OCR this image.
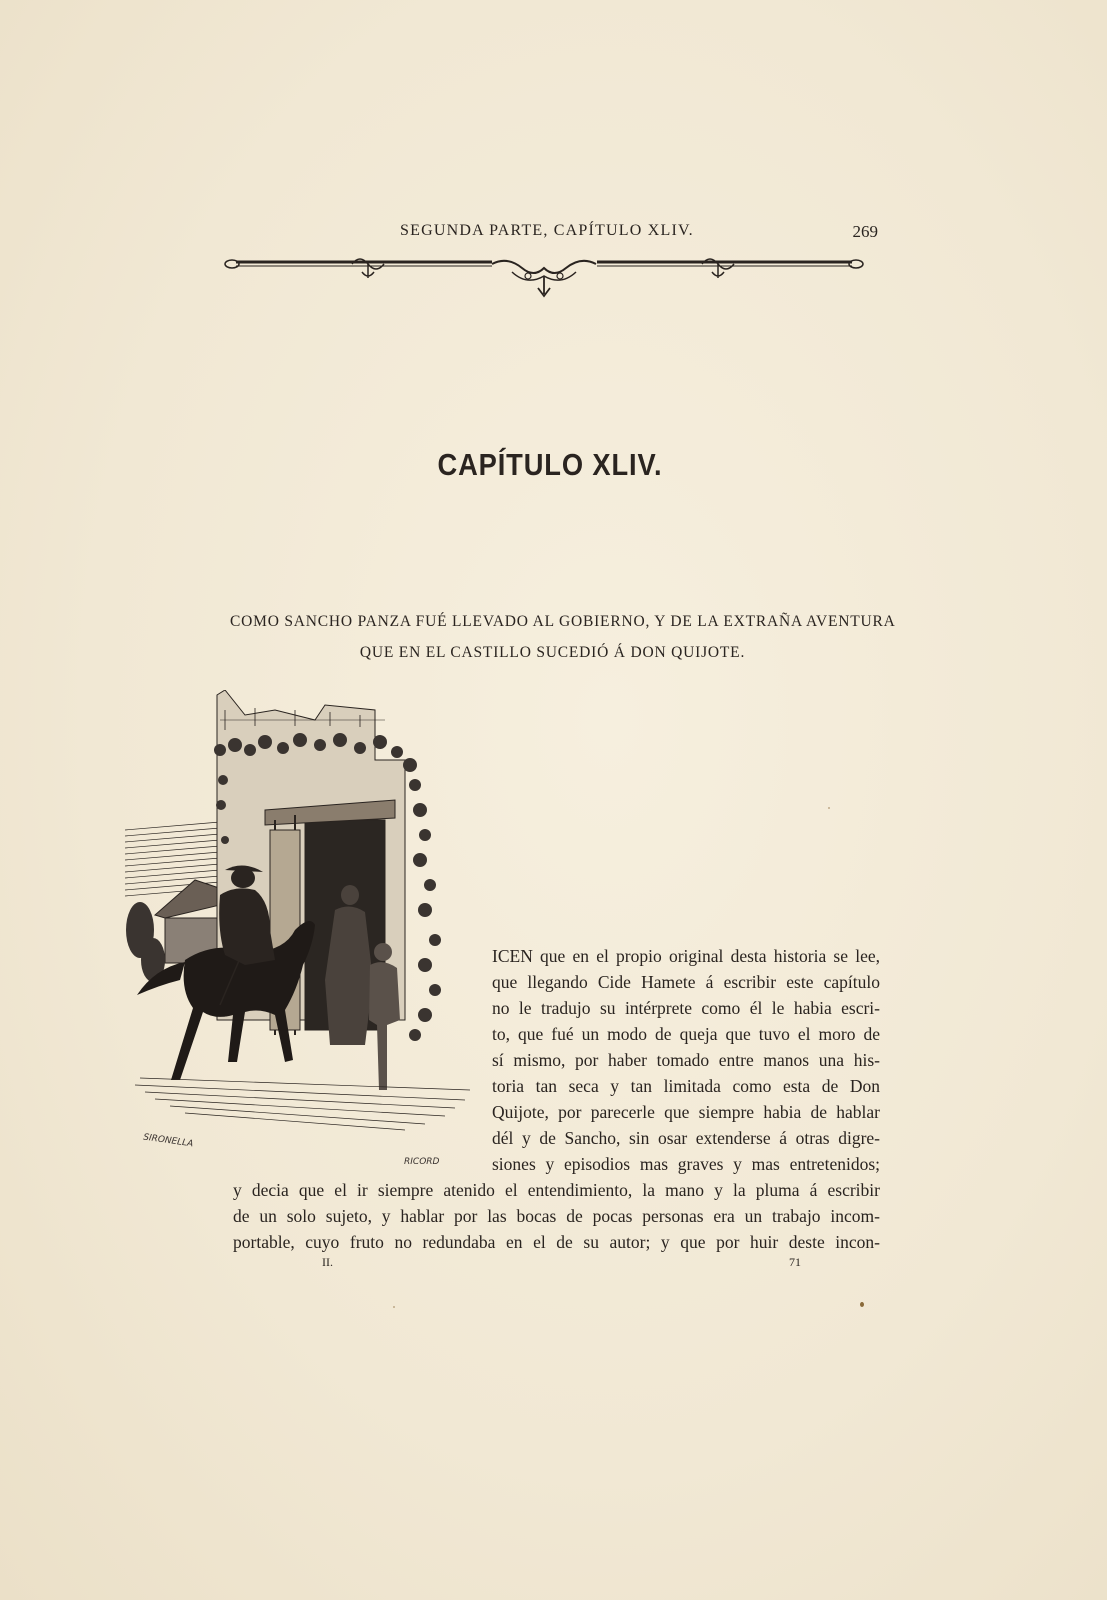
SEGUNDA PARTE, CAPÍTULO XLIV.	269
CAPÍTULO XLIV.
COMO SANCHO PANZA FUÉ LLEVADO AL GOBIERNO, Y DE LA EXTRAÑA AVENTURA
QUE EN EL CASTILLO SUCEDIÓ Á DON QUIJOTE.
SIRONELLA
RICORD
ICEN que en el propio original desta historia se lee,
que llegando Cide Hamete á escribir este capítulo
no le tradujo su intérprete como él le habia escri-
to, que fué un modo de queja que tuvo el moro de
sí mismo, por haber tomado entre manos una his-
toria tan seca y tan limitada como esta de Don
Quijote, por parecerle que siempre habia de hablar
dél y de Sancho, sin osar extenderse á otras digre-
siones y episodios mas graves y mas entretenidos;
y decia que el ir siempre atenido el entendimiento, la mano y la pluma á escribir
de un solo sujeto, y hablar por las bocas de pocas personas era un trabajo incom-
portable, cuyo fruto no redundaba en el de su autor; y que por huir deste incon-
II.	71
